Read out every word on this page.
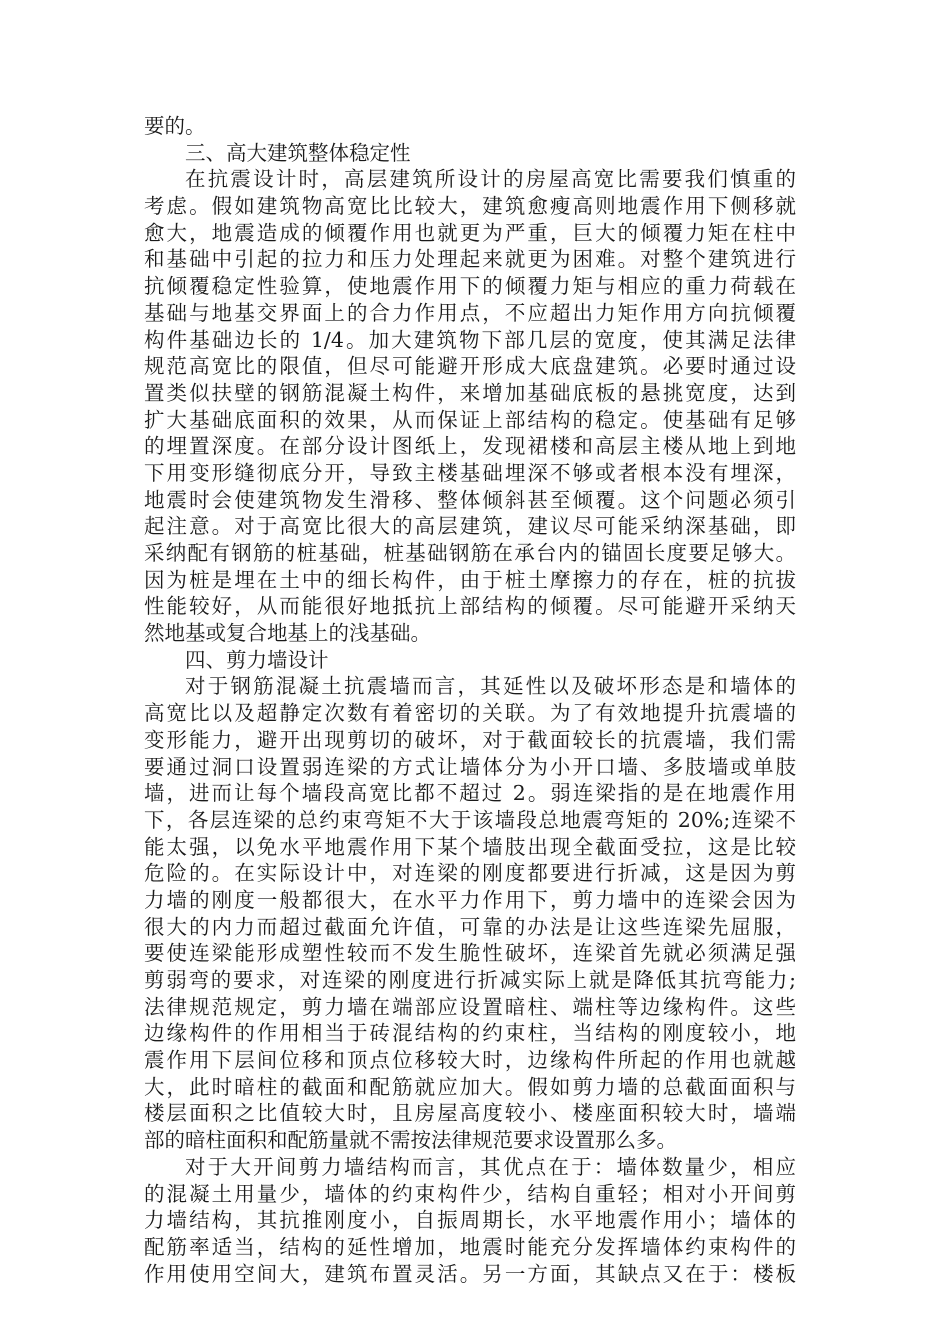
要的。
三、高大建筑整体稳定性
在抗震设计时，高层建筑所设计的房屋高宽比需要我们慎重的
考虑。假如建筑物高宽比比较大，建筑愈瘦高则地震作用下侧移就
愈大，地震造成的倾覆作用也就更为严重，巨大的倾覆力矩在柱中
和基础中引起的拉力和压力处理起来就更为困难。对整个建筑进行
抗倾覆稳定性验算，使地震作用下的倾覆力矩与相应的重力荷载在
基础与地基交界面上的合力作用点，不应超出力矩作用方向抗倾覆
构件基础边长的 1/4。加大建筑物下部几层的宽度，使其满足法律
规范高宽比的限值，但尽可能避开形成大底盘建筑。必要时通过设
置类似扶壁的钢筋混凝土构件，来增加基础底板的悬挑宽度，达到
扩大基础底面积的效果，从而保证上部结构的稳定。使基础有足够
的埋置深度。在部分设计图纸上，发现裙楼和高层主楼从地上到地
下用变形缝彻底分开，导致主楼基础埋深不够或者根本没有埋深，
地震时会使建筑物发生滑移、整体倾斜甚至倾覆。这个问题必须引
起注意。对于高宽比很大的高层建筑，建议尽可能采纳深基础，即
采纳配有钢筋的桩基础，桩基础钢筋在承台内的锚固长度要足够大。
因为桩是埋在土中的细长构件，由于桩土摩擦力的存在，桩的抗拔
性能较好，从而能很好地抵抗上部结构的倾覆。尽可能避开采纳天
然地基或复合地基上的浅基础。
四、剪力墙设计
对于钢筋混凝土抗震墙而言，其延性以及破坏形态是和墙体的
高宽比以及超静定次数有着密切的关联。为了有效地提升抗震墙的
变形能力，避开出现剪切的破坏，对于截面较长的抗震墙，我们需
要通过洞口设置弱连梁的方式让墙体分为小开口墙、多肢墙或单肢
墙，进而让每个墙段高宽比都不超过 2。弱连梁指的是在地震作用
下，各层连梁的总约束弯矩不大于该墙段总地震弯矩的 20%;连梁不
能太强，以免水平地震作用下某个墙肢出现全截面受拉，这是比较
危险的。在实际设计中，对连梁的刚度都要进行折减，这是因为剪
力墙的刚度一般都很大，在水平力作用下，剪力墙中的连梁会因为
很大的内力而超过截面允许值，可靠的办法是让这些连梁先屈服，
要使连梁能形成塑性较而不发生脆性破坏，连梁首先就必须满足强
剪弱弯的要求，对连梁的刚度进行折减实际上就是降低其抗弯能力;
法律规范规定，剪力墙在端部应设置暗柱、端柱等边缘构件。这些
边缘构件的作用相当于砖混结构的约束柱，当结构的刚度较小，地
震作用下层间位移和顶点位移较大时，边缘构件所起的作用也就越
大，此时暗柱的截面和配筋就应加大。假如剪力墙的总截面面积与
楼层面积之比值较大时，且房屋高度较小、楼座面积较大时，墙端
部的暗柱面积和配筋量就不需按法律规范要求设置那么多。
对于大开间剪力墙结构而言，其优点在于：墙体数量少，相应
的混凝土用量少，墙体的约束构件少，结构自重轻；相对小开间剪
力墙结构，其抗推刚度小，自振周期长，水平地震作用小；墙体的
配筋率适当，结构的延性增加，地震时能充分发挥墙体约束构件的
作用使用空间大，建筑布置灵活。另一方面，其缺点又在于：楼板
